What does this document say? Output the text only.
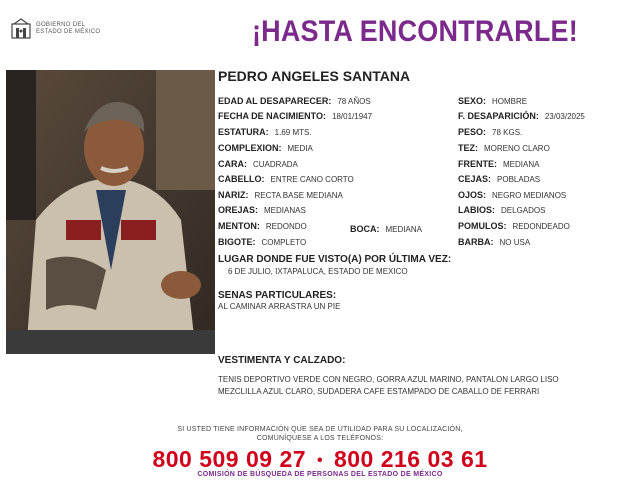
GOBIERNO DEL
ESTADO DE MÉXICO	¡HASTA ENCONTRARLE!
PEDRO ANGELES SANTANA
EDAD AL DESAPARECER: 78 AÑOS
FECHA DE NACIMIENTO: 18/01/1947
ESTATURA: 1.69 MTS.
COMPLEXION: MEDIA
CARA: CUADRADA
CABELLO: ENTRE CANO CORTO
NARIZ: RECTA BASE MEDIANA
OREJAS: MEDIANAS
MENTON: REDONDO
BIGOTE: COMPLETO
BOCA: MEDIANA
SEXO: HOMBRE
F. DESAPARICIÓN: 23/03/2025
PESO: 78 KGS.
TEZ: MORENO CLARO
FRENTE: MEDIANA
CEJAS: POBLADAS
OJOS: NEGRO MEDIANOS
LABIOS: DELGADOS
POMULOS: REDONDEADO
BARBA: NO USA
LUGAR DONDE FUE VISTO(A) POR ÚLTIMA VEZ:
6 DE JULIO, IXTAPALUCA, ESTADO DE MEXICO
SENAS PARTICULARES:
AL CAMINAR ARRASTRA UN PIE
VESTIMENTA Y CALZADO:
TENIS DEPORTIVO VERDE CON NEGRO, GORRA AZUL MARINO, PANTALON LARGO LISO
MEZCLILLA AZUL CLARO, SUDADERA CAFE ESTAMPADO DE CABALLO DE FERRARI
SI USTED TIENE INFORMACIÓN QUE SEA DE UTILIDAD PARA SU LOCALIZACIÓN,
COMUNÍQUESE A LOS TELÉFONOS:
800 509 09 27 • 800 216 03 61
COMISIÓN DE BÚSQUEDA DE PERSONAS DEL ESTADO DE MÉXICO
